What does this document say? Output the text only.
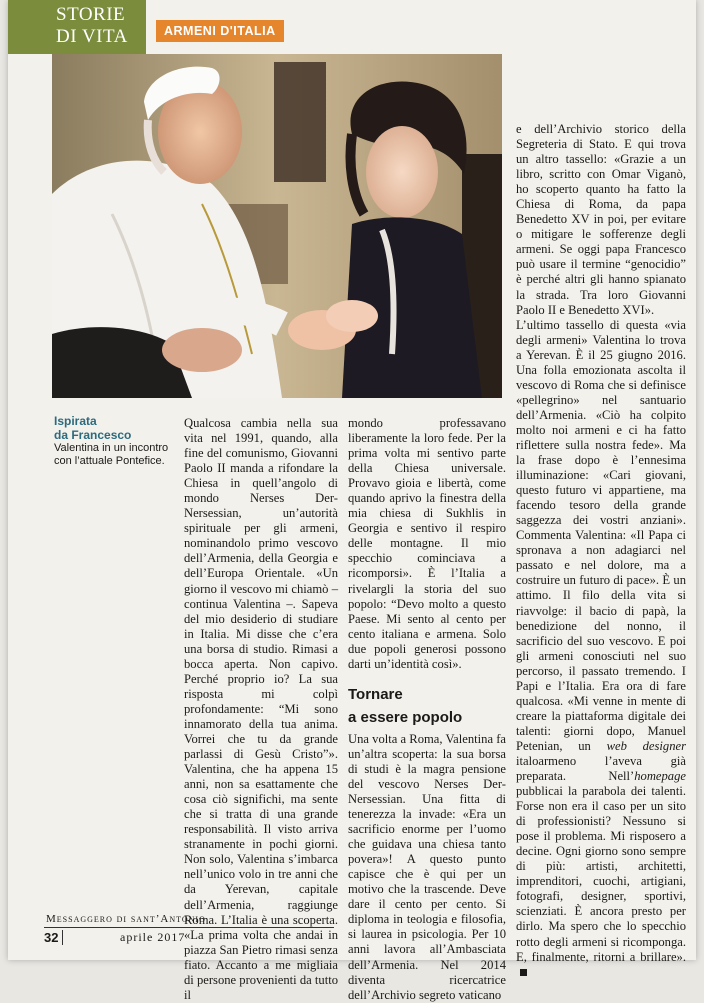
STORIE
DI VITA	ARMENI D'ITALIA
Ispirata
da Francesco
Valentina in un incontro con l’attuale Pontefice.

Qualcosa cambia nella sua vita nel 1991, quando, alla fine del comunismo, Giovanni Paolo II manda a rifondare la Chiesa in quell’angolo di mondo Nerses Der-Nersessian, un’autorità spirituale per gli armeni, nominandolo primo vescovo dell’Armenia, della Georgia e dell’Europa Orientale. «Un giorno il vescovo mi chiamò – continua Valentina –. Sapeva del mio desiderio di studiare in Italia. Mi disse che c’era una borsa di studio. Rimasi a bocca aperta. Non capivo. Perché proprio io? La sua risposta mi colpì profondamente: “Mi sono innamorato della tua anima. Vorrei che tu da grande parlassi di Gesù Cristo”». Valentina, che ha appena 15 anni, non sa esattamente che cosa ciò significhi, ma sente che si tratta di una grande responsabilità. Il visto arriva stranamente in pochi giorni. Non solo, Valentina s’imbarca nell’unico volo in tre anni che da Yerevan, capitale dell’Armenia, raggiunge Roma. L’Italia è una scoperta. «La prima volta che andai in piazza San Pietro rimasi senza fiato. Accanto a me migliaia di persone provenienti da tutto il

mondo professavano liberamente la loro fede. Per la prima volta mi sentivo parte della Chiesa universale. Provavo gioia e libertà, come quando aprivo la finestra della mia chiesa di Sukhlis in Georgia e sentivo il respiro delle montagne. Il mio specchio cominciava a ricomporsi». È l’Italia a rivelargli la storia del suo popolo: “Devo molto a questo Paese. Mi sento al cento per cento italiana e armena. Solo due popoli generosi possono darti un’identità così».

Tornare
a essere popolo

Una volta a Roma, Valentina fa un’altra scoperta: la sua borsa di studi è la magra pensione del vescovo Nerses Der-Nersessian. Una fitta di tenerezza la invade: «Era un sacrificio enorme per l’uomo che guidava una chiesa tanto povera»! A questo punto capisce che è qui per un motivo che la trascende. Deve dare il cento per cento. Si diploma in teologia e filosofia, si laurea in psicologia. Per 10 anni lavora all’Ambasciata dell’Armenia. Nel 2014 diventa ricercatrice dell’Archivio segreto vaticano

e dell’Archivio storico della Segreteria di Stato. E qui trova un altro tassello: «Grazie a un libro, scritto con Omar Viganò, ho scoperto quanto ha fatto la Chiesa di Roma, da papa Benedetto XV in poi, per evitare o mitigare le sofferenze degli armeni. Se oggi papa Francesco può usare il termine “genocidio” è perché altri gli hanno spianato la strada. Tra loro Giovanni Paolo II e Benedetto XVI».

L’ultimo tassello di questa «via degli armeni» Valentina lo trova a Yerevan. È il 25 giugno 2016. Una folla emozionata ascolta il vescovo di Roma che si definisce «pellegrino» nel santuario dell’Armenia. «Ciò ha colpito molto noi armeni e ci ha fatto riflettere sulla nostra fede». Ma la frase dopo è l’ennesima illuminazione: «Cari giovani, questo futuro vi appartiene, ma facendo tesoro della grande saggezza dei vostri anziani». Commenta Valentina: «Il Papa ci spronava a non adagiarci nel passato e nel dolore, ma a costruire un futuro di pace». È un attimo. Il filo della vita si riavvolge: il bacio di papà, la benedizione del nonno, il sacrificio del suo vescovo. E poi gli armeni conosciuti nel suo percorso, il passato tremendo. I Papi e l’Italia. Era ora di fare qualcosa. «Mi venne in mente di creare la piattaforma digitale dei talenti: giorni dopo, Manuel Petenian, un web designer italoarmeno l’aveva già preparata. Nell’homepage pubblicai la parabola dei talenti. Forse non era il caso per un sito di professionisti? Nessuno si pose il problema. Mi risposero a decine. Ogni giorno sono sempre di più: artisti, architetti, imprenditori, cuochi, artigiani, fotografi, designer, sportivi, scienziati. È ancora presto per dirlo. Ma spero che lo specchio rotto degli armeni si ricomponga. E, finalmente, ritorni a brillare».

Messaggero di sant’Antonio
32	aprile 2017
